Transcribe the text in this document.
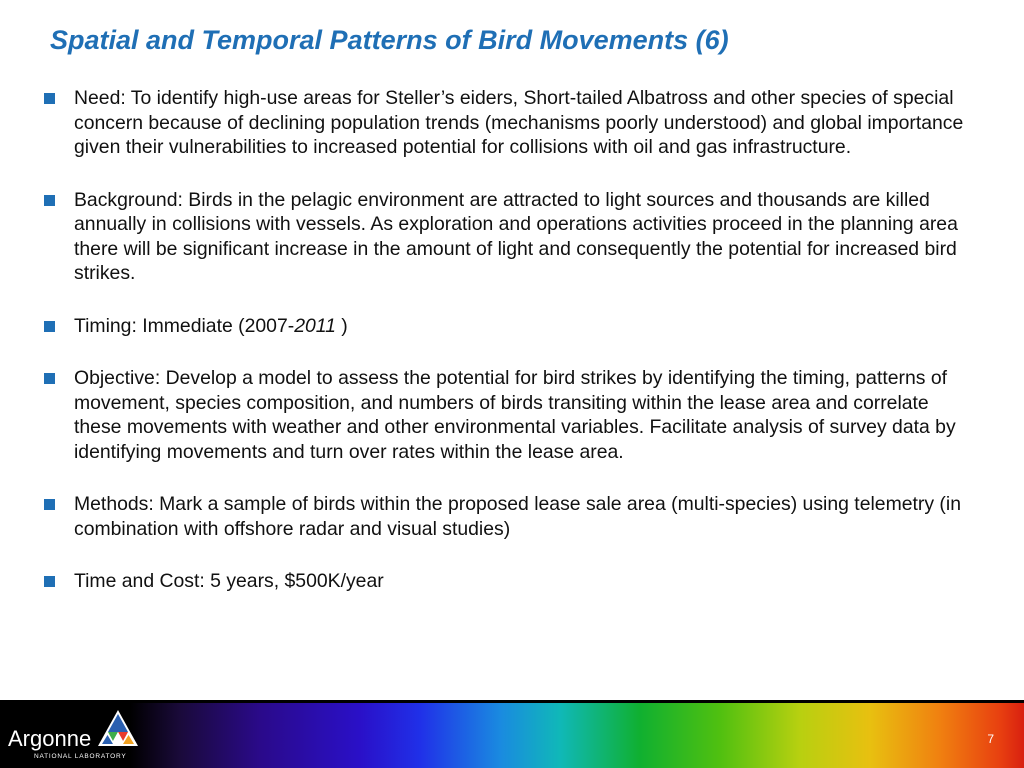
Spatial and Temporal Patterns of Bird Movements (6)
Need: To identify high-use areas for Steller’s eiders, Short-tailed Albatross and other species of special concern because of declining population trends (mechanisms poorly understood) and global importance given their vulnerabilities to increased potential for collisions with oil and gas infrastructure.
Background: Birds in the pelagic environment are attracted to light sources and thousands are killed annually in collisions with vessels. As exploration and operations activities proceed in the planning area there will be significant increase in the amount of light and consequently the potential for increased bird strikes.
Timing: Immediate (2007-2011 )
Objective: Develop a model to assess the potential for bird strikes by identifying the timing, patterns of movement, species composition, and numbers of birds transiting within the lease area and correlate these movements with weather and other environmental variables. Facilitate analysis of survey data by identifying movements and turn over rates within the lease area.
Methods: Mark a sample of birds within the proposed lease sale area (multi-species) using telemetry (in combination with offshore radar and visual studies)
Time and Cost: 5 years, $500K/year
Argonne
NATIONAL LABORATORY
7
